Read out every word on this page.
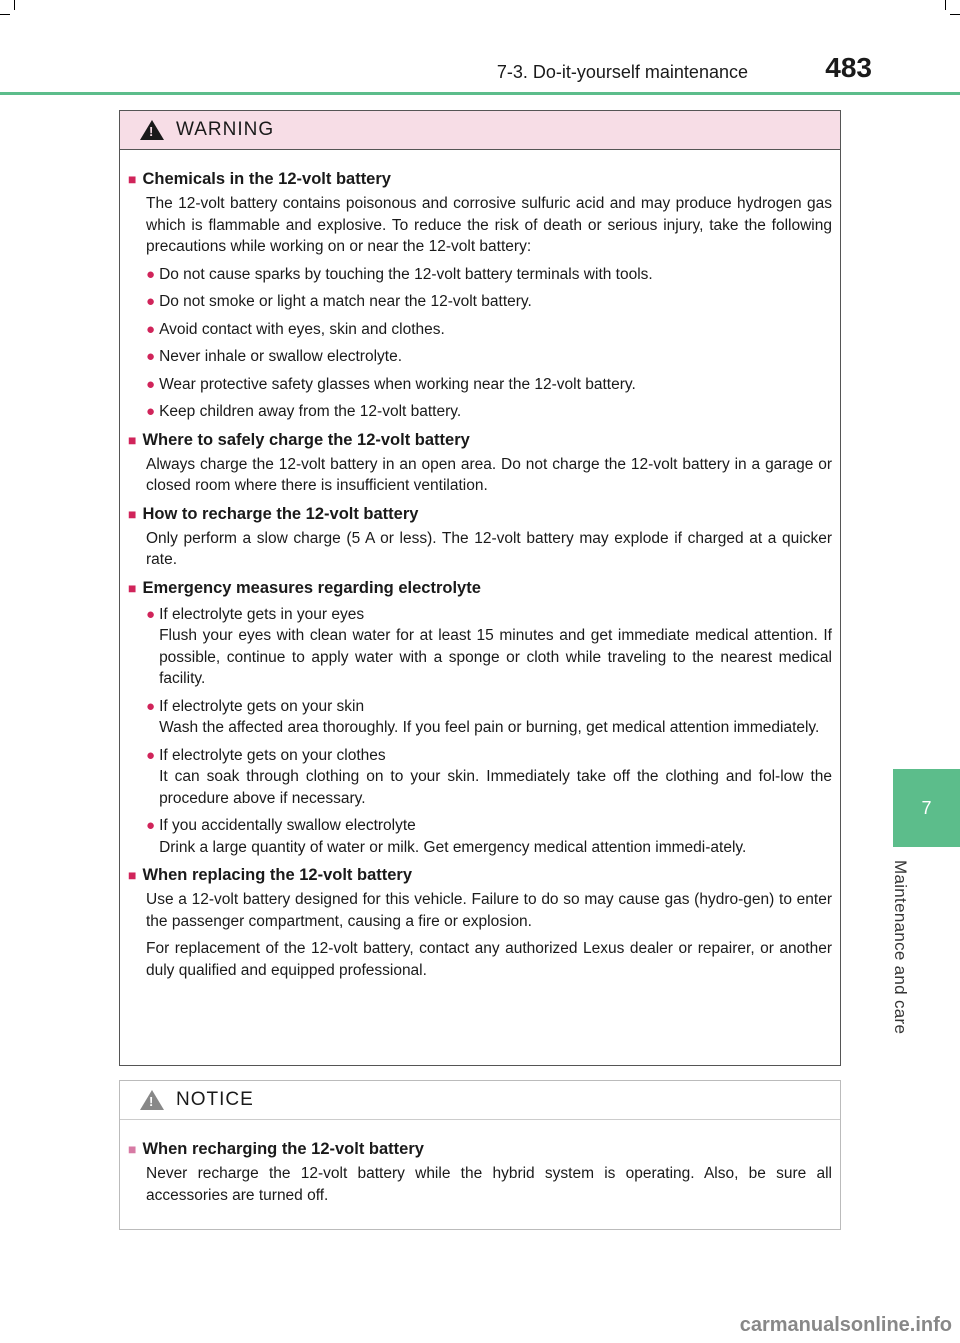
7-3. Do-it-yourself maintenance	483
7
Maintenance and care
!
WARNING
■ Chemicals in the 12-volt battery
The 12-volt battery contains poisonous and corrosive sulfuric acid and may produce hydrogen gas which is flammable and explosive. To reduce the risk of death or serious injury, take the following precautions while working on or near the 12-volt battery:
● Do not cause sparks by touching the 12-volt battery terminals with tools.
● Do not smoke or light a match near the 12-volt battery.
● Avoid contact with eyes, skin and clothes.
● Never inhale or swallow electrolyte.
● Wear protective safety glasses when working near the 12-volt battery.
● Keep children away from the 12-volt battery.
■ Where to safely charge the 12-volt battery
Always charge the 12-volt battery in an open area. Do not charge the 12-volt battery in a garage or closed room where there is insufficient ventilation.
■ How to recharge the 12-volt battery
Only perform a slow charge (5 A or less). The 12-volt battery may explode if charged at a quicker rate.
■ Emergency measures regarding electrolyte
● If electrolyte gets in your eyes
Flush your eyes with clean water for at least 15 minutes and get immediate medical attention. If possible, continue to apply water with a sponge or cloth while traveling to the nearest medical facility.
● If electrolyte gets on your skin
Wash the affected area thoroughly. If you feel pain or burning, get medical attention immediately.
● If electrolyte gets on your clothes
It can soak through clothing on to your skin. Immediately take off the clothing and fol-low the procedure above if necessary.
● If you accidentally swallow electrolyte
Drink a large quantity of water or milk. Get emergency medical attention immedi-ately.
■ When replacing the 12-volt battery
Use a 12-volt battery designed for this vehicle. Failure to do so may cause gas (hydro-gen) to enter the passenger compartment, causing a fire or explosion.
For replacement of the 12-volt battery, contact any authorized Lexus dealer or repairer, or another duly qualified and equipped professional.
!
NOTICE
■ When recharging the 12-volt battery
Never recharge the 12-volt battery while the hybrid system is operating. Also, be sure all accessories are turned off.
carmanualsonline.info
